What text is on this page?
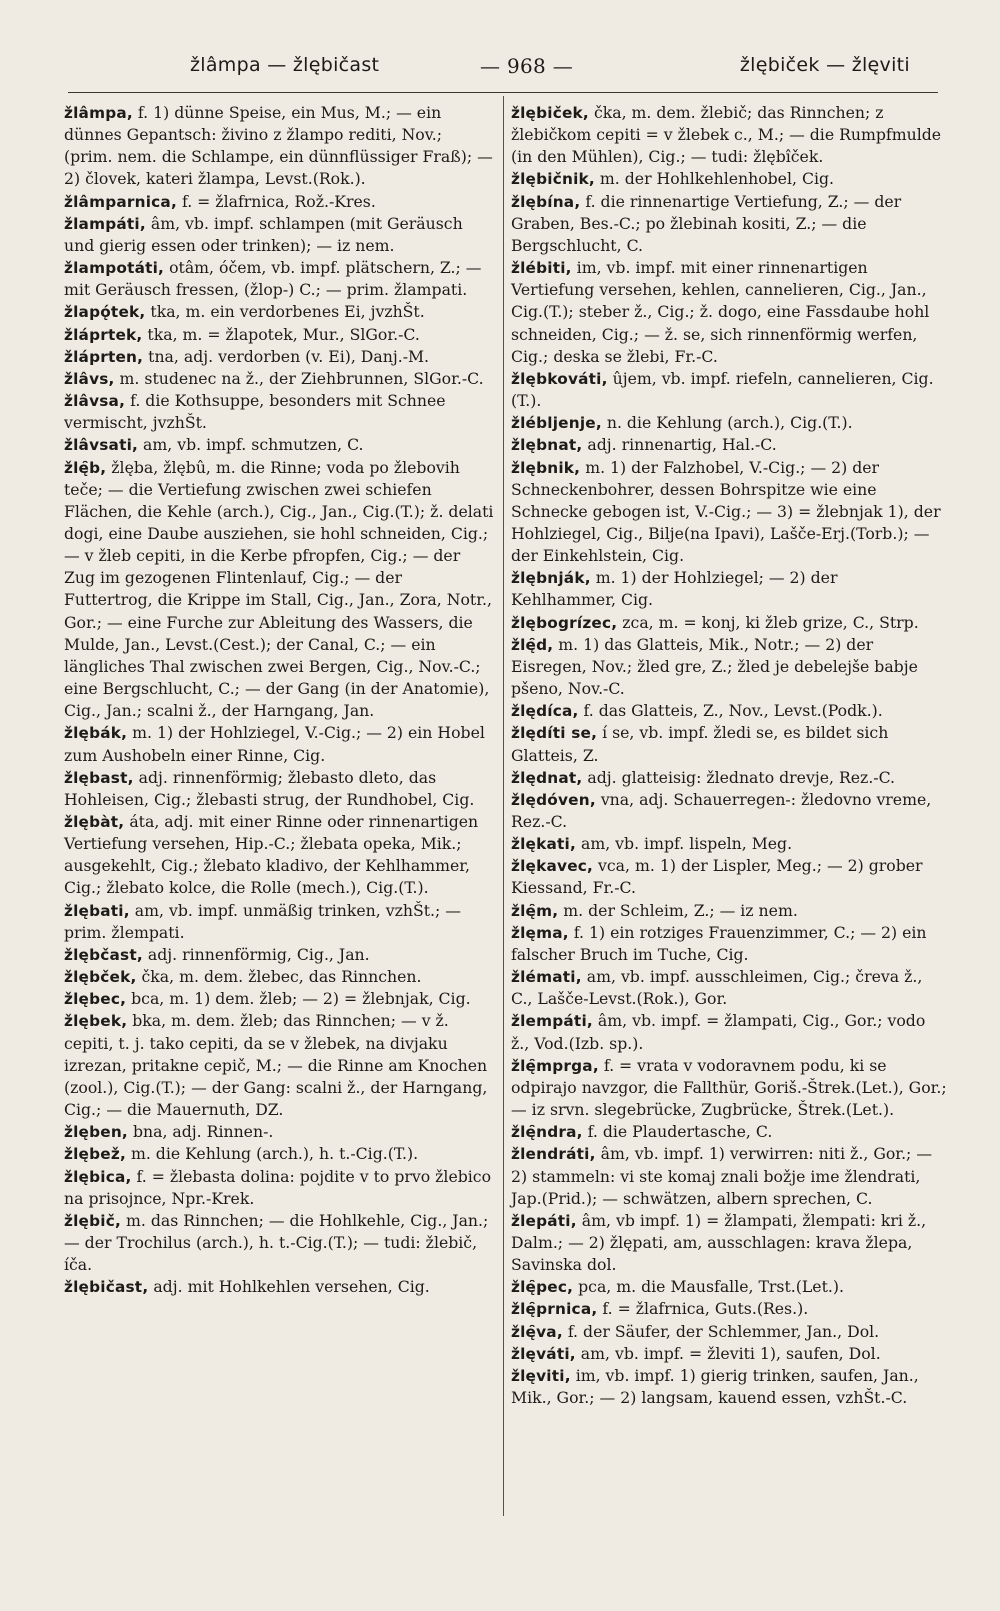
žlâmpa — žlębičast	— 968 —	žlębiček — žlęviti
žlâmpa, f. 1) dünne Speise, ein Mus, M.; — ein dünnes Gepantsch: živino z žlampo rediti, Nov.; (prim. nem. die Schlampe, ein dünnflüssiger Fraß); — 2) človek, kateri žlampa, Levst.(Rok.).
žlâmparnica, f. = žlafrnica, Rož.-Kres.
žlampáti, âm, vb. impf. schlampen (mit Geräusch und gierig essen oder trinken); — iz nem.
žlampotáti, otâm, óčem, vb. impf. plätschern, Z.; — mit Geräusch fressen, (žlop-) C.; — prim. žlampati.
žlapǫ́tek, tka, m. ein verdorbenes Ei, jvzhŠt.
žláprtek, tka, m. = žlapotek, Mur., SlGor.-C.
žláprten, tna, adj. verdorben (v. Ei), Danj.-M.
žlâvs, m. studenec na ž., der Ziehbrunnen, SlGor.-C.
žlâvsa, f. die Kothsuppe, besonders mit Schnee vermischt, jvzhŠt.
žlâvsati, am, vb. impf. schmutzen, C.
žlę̑b, žlęba, žlębû, m. die Rinne; voda po žlebovih teče; — die Vertiefung zwischen zwei schiefen Flächen, die Kehle (arch.), Cig., Jan., Cig.(T.); ž. delati dogi, eine Daube ausziehen, sie hohl schneiden, Cig.; — v žleb cepiti, in die Kerbe pfropfen, Cig.; — der Zug im gezogenen Flintenlauf, Cig.; — der Futtertrog, die Krippe im Stall, Cig., Jan., Zora, Notr., Gor.; — eine Furche zur Ableitung des Wassers, die Mulde, Jan., Levst.(Cest.); der Canal, C.; — ein längliches Thal zwischen zwei Bergen, Cig., Nov.-C.; eine Bergschlucht, C.; — der Gang (in der Anatomie), Cig., Jan.; scalni ž., der Harngang, Jan.
žlębák, m. 1) der Hohlziegel, V.-Cig.; — 2) ein Hobel zum Aushobeln einer Rinne, Cig.
žlębast, adj. rinnenförmig; žlebasto dleto, das Hohleisen, Cig.; žlebasti strug, der Rundhobel, Cig.
žlębàt, áta, adj. mit einer Rinne oder rinnenartigen Vertiefung versehen, Hip.-C.; žlebata opeka, Mik.; ausgekehlt, Cig.; žlebato kladivo, der Kehlhammer, Cig.; žlebato kolce, die Rolle (mech.), Cig.(T.).
žlębati, am, vb. impf. unmäßig trinken, vzhŠt.; — prim. žlempati.
žlębčast, adj. rinnenförmig, Cig., Jan.
žlębček, čka, m. dem. žlebec, das Rinnchen.
žlębec, bca, m. 1) dem. žleb; — 2) = žlebnjak, Cig.
žlębek, bka, m. dem. žleb; das Rinnchen; — v ž. cepiti, t. j. tako cepiti, da se v žlebek, na divjaku izrezan, pritakne cepič, M.; — die Rinne am Knochen (zool.), Cig.(T.); — der Gang: scalni ž., der Harngang, Cig.; — die Mauernuth, DZ.
žlęben, bna, adj. Rinnen-.
žlębež, m. die Kehlung (arch.), h. t.-Cig.(T.).
žlębica, f. = žlebasta dolina: pojdite v to prvo žlebico na prisojnce, Npr.-Krek.
žlębič, m. das Rinnchen; — die Hohlkehle, Cig., Jan.; — der Trochilus (arch.), h. t.-Cig.(T.); — tudi: žlebič, íča.
žlębičast, adj. mit Hohlkehlen versehen, Cig.
žlębiček, čka, m. dem. žlebič; das Rinnchen; z žlebičkom cepiti = v žlebek c., M.; — die Rumpfmulde (in den Mühlen), Cig.; — tudi: žlębîček.
žlębičnik, m. der Hohlkehlenhobel, Cig.
žlębína, f. die rinnenartige Vertiefung, Z.; — der Graben, Bes.-C.; po žlebinah kositi, Z.; — die Bergschlucht, C.
žlébiti, im, vb. impf. mit einer rinnenartigen Vertiefung versehen, kehlen, cannelieren, Cig., Jan., Cig.(T.); steber ž., Cig.; ž. dogo, eine Fassdaube hohl schneiden, Cig.; — ž. se, sich rinnenförmig werfen, Cig.; deska se žlebi, Fr.-C.
žlębkováti, ûjem, vb. impf. riefeln, cannelieren, Cig.(T.).
žlébljenje, n. die Kehlung (arch.), Cig.(T.).
žlębnat, adj. rinnenartig, Hal.-C.
žlębnik, m. 1) der Falzhobel, V.-Cig.; — 2) der Schneckenbohrer, dessen Bohrspitze wie eine Schnecke gebogen ist, V.-Cig.; — 3) = žlebnjak 1), der Hohlziegel, Cig., Bilje(na Ipavi), Lašče-Erj.(Torb.); — der Einkehlstein, Cig.
žlębnják, m. 1) der Hohlziegel; — 2) der Kehlhammer, Cig.
žlębogrízec, zca, m. = konj, ki žleb grize, C., Strp.
žlę̑d, m. 1) das Glatteis, Mik., Notr.; — 2) der Eisregen, Nov.; žled gre, Z.; žled je debelejše babje pšeno, Nov.-C.
žlędíca, f. das Glatteis, Z., Nov., Levst.(Podk.).
žlędíti se, í se, vb. impf. žledi se, es bildet sich Glatteis, Z.
žlędnat, adj. glatteisig: žlednato drevje, Rez.-C.
žlędóven, vna, adj. Schauerregen-: žledovno vreme, Rez.-C.
žlękati, am, vb. impf. lispeln, Meg.
žlękavec, vca, m. 1) der Lispler, Meg.; — 2) grober Kiessand, Fr.-C.
žlę̑m, m. der Schleim, Z.; — iz nem.
žlęma, f. 1) ein rotziges Frauenzimmer, C.; — 2) ein falscher Bruch im Tuche, Cig.
žlémati, am, vb. impf. ausschleimen, Cig.; čreva ž., C., Lašče-Levst.(Rok.), Gor.
žlempáti, âm, vb. impf. = žlampati, Cig., Gor.; vodo ž., Vod.(Izb. sp.).
žlę̑mprga, f. = vrata v vodoravnem podu, ki se odpirajo navzgor, die Fallthür, Goriš.-Štrek.(Let.), Gor.; — iz srvn. slegebrücke, Zugbrücke, Štrek.(Let.).
žlę̑ndra, f. die Plaudertasche, C.
žlendráti, âm, vb. impf. 1) verwirren: niti ž., Gor.; — 2) stammeln: vi ste komaj znali božje ime žlendrati, Jap.(Prid.); — schwätzen, albern sprechen, C.
žlepáti, âm, vb impf. 1) = žlampati, žlempati: kri ž., Dalm.; — 2) žlępati, am, ausschlagen: krava žlepa, Savinska dol.
žlę̑pec, pca, m. die Mausfalle, Trst.(Let.).
žlę̑prnica, f. = žlafrnica, Guts.(Res.).
žlę̑va, f. der Säufer, der Schlemmer, Jan., Dol.
žlęváti, am, vb. impf. = žleviti 1), saufen, Dol.
žlęviti, im, vb. impf. 1) gierig trinken, saufen, Jan., Mik., Gor.; — 2) langsam, kauend essen, vzhŠt.-C.
